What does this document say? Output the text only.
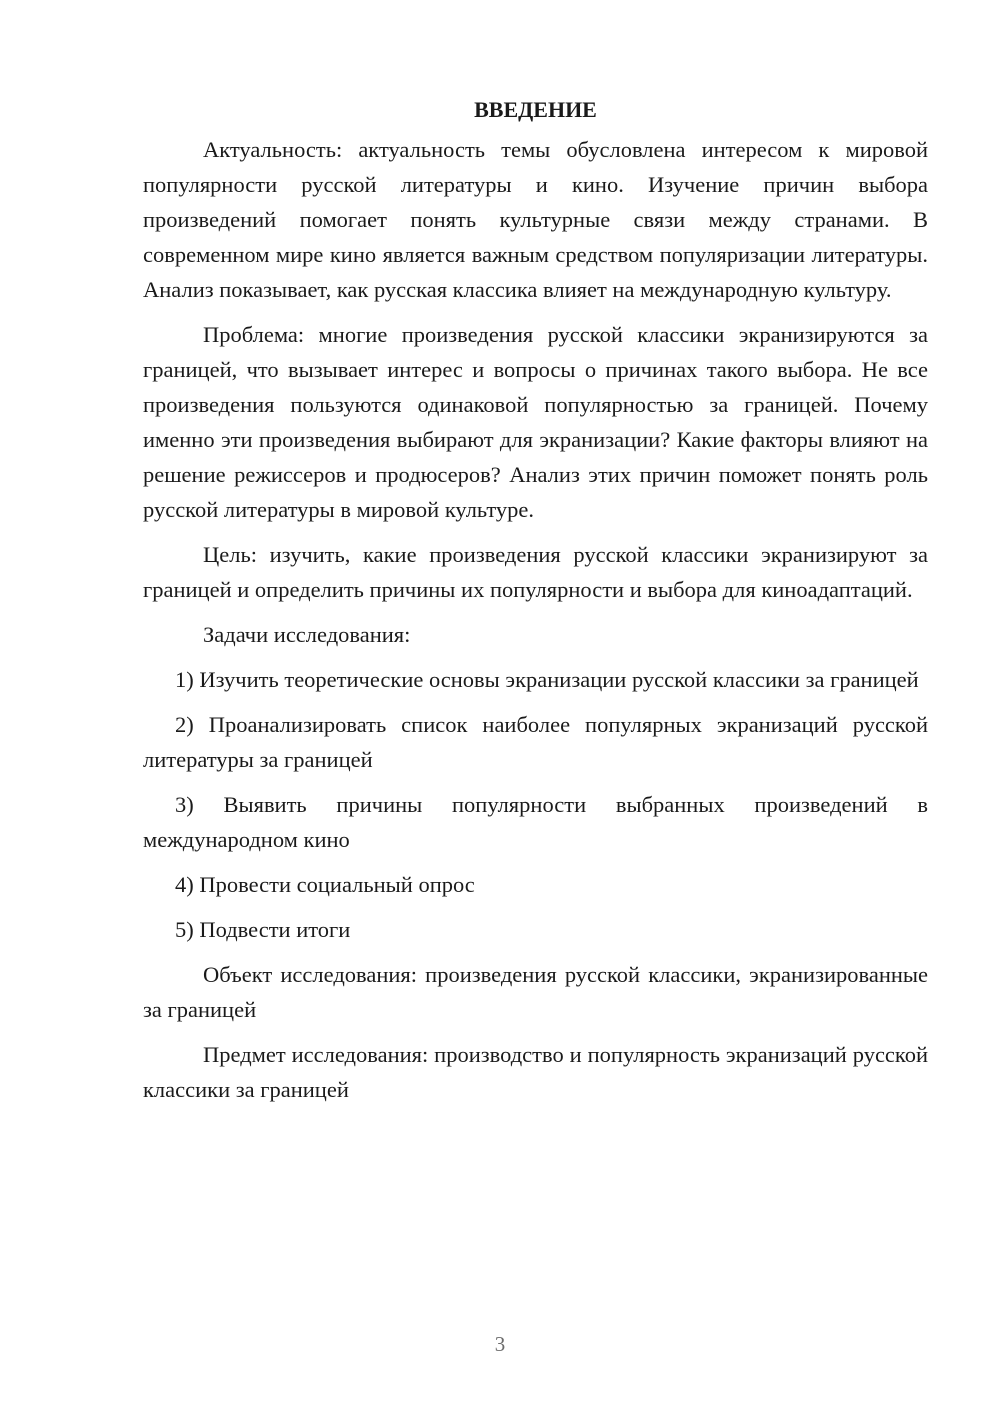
ВВЕДЕНИЕ

Актуальность: актуальность темы обусловлена интересом к мировой популярности русской литературы и кино. Изучение причин выбора произведений помогает понять культурные связи между странами. В современном мире кино является важным средством популяризации литературы. Анализ показывает, как русская классика влияет на международную культуру.

Проблема: многие произведения русской классики экранизируются за границей, что вызывает интерес и вопросы о причинах такого выбора. Не все произведения пользуются одинаковой популярностью за границей. Почему именно эти произведения выбирают для экранизации? Какие факторы влияют на решение режиссеров и продюсеров? Анализ этих причин поможет понять роль русской литературы в мировой культуре.

Цель: изучить, какие произведения русской классики экранизируют за границей и определить причины их популярности и выбора для киноадаптаций.

Задачи исследования:

1) Изучить теоретические основы экранизации русской классики за границей

2) Проанализировать список наиболее популярных экранизаций русской литературы за границей

3) Выявить причины популярности выбранных произведений в международном кино

4) Провести социальный опрос

5) Подвести итоги

Объект исследования: произведения русской классики, экранизированные за границей

Предмет исследования: производство и популярность экранизаций русской классики за границей

3
